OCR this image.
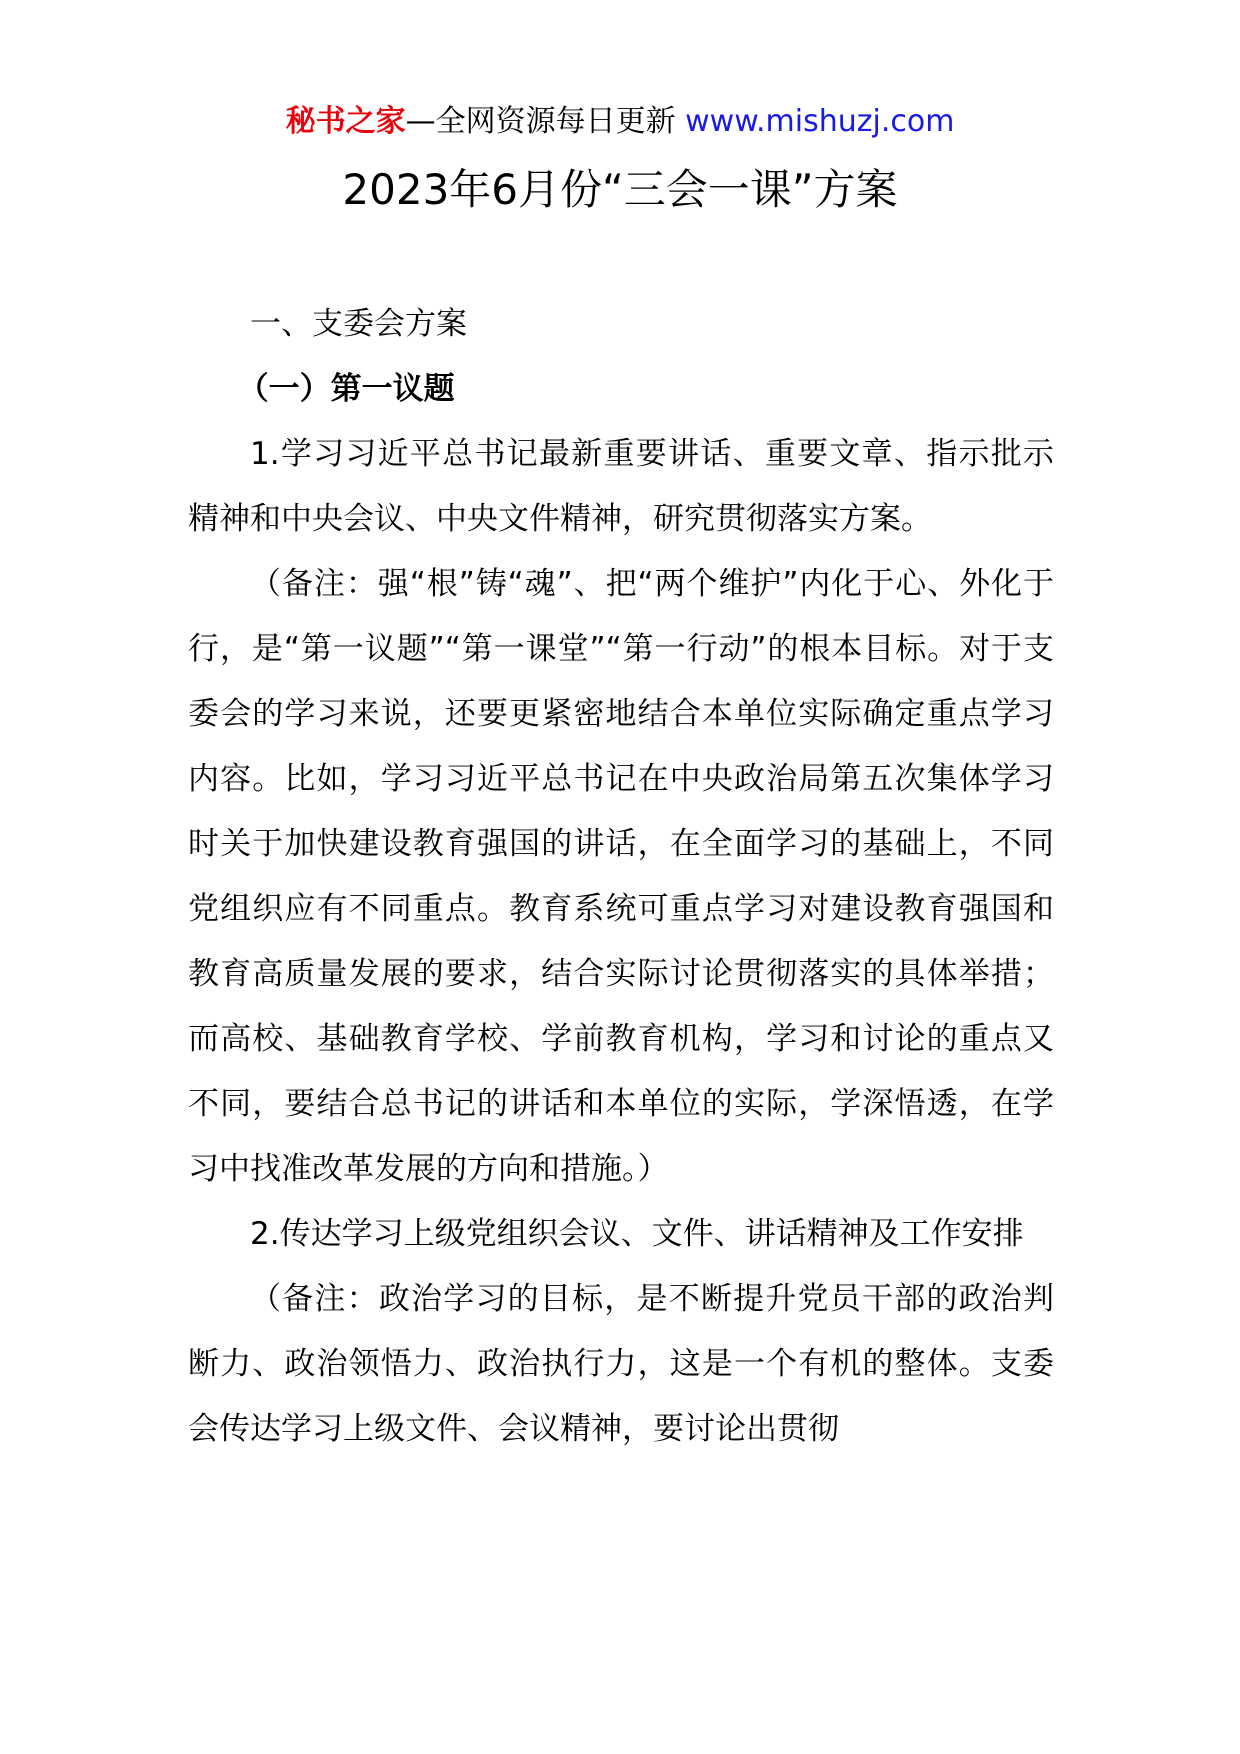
秘书之家—全网资源每日更新 www.mishuzj.com
2023年6月份“三会一课”方案

一、支委会方案

（一）第一议题

1.学习习近平总书记最新重要讲话、重要文章、指示批示精神和中央会议、中央文件精神，研究贯彻落实方案。

（备注：强“根”铸“魂”、把“两个维护”内化于心、外化于行，是“第一议题”“第一课堂”“第一行动”的根本目标。对于支委会的学习来说，还要更紧密地结合本单位实际确定重点学习内容。比如，学习习近平总书记在中央政治局第五次集体学习时关于加快建设教育强国的讲话，在全面学习的基础上，不同党组织应有不同重点。教育系统可重点学习对建设教育强国和教育高质量发展的要求，结合实际讨论贯彻落实的具体举措；而高校、基础教育学校、学前教育机构，学习和讨论的重点又不同，要结合总书记的讲话和本单位的实际，学深悟透，在学习中找准改革发展的方向和措施。）

2.传达学习上级党组织会议、文件、讲话精神及工作安排

（备注：政治学习的目标，是不断提升党员干部的政治判断力、政治领悟力、政治执行力，这是一个有机的整体。支委会传达学习上级文件、会议精神，要讨论出贯彻
